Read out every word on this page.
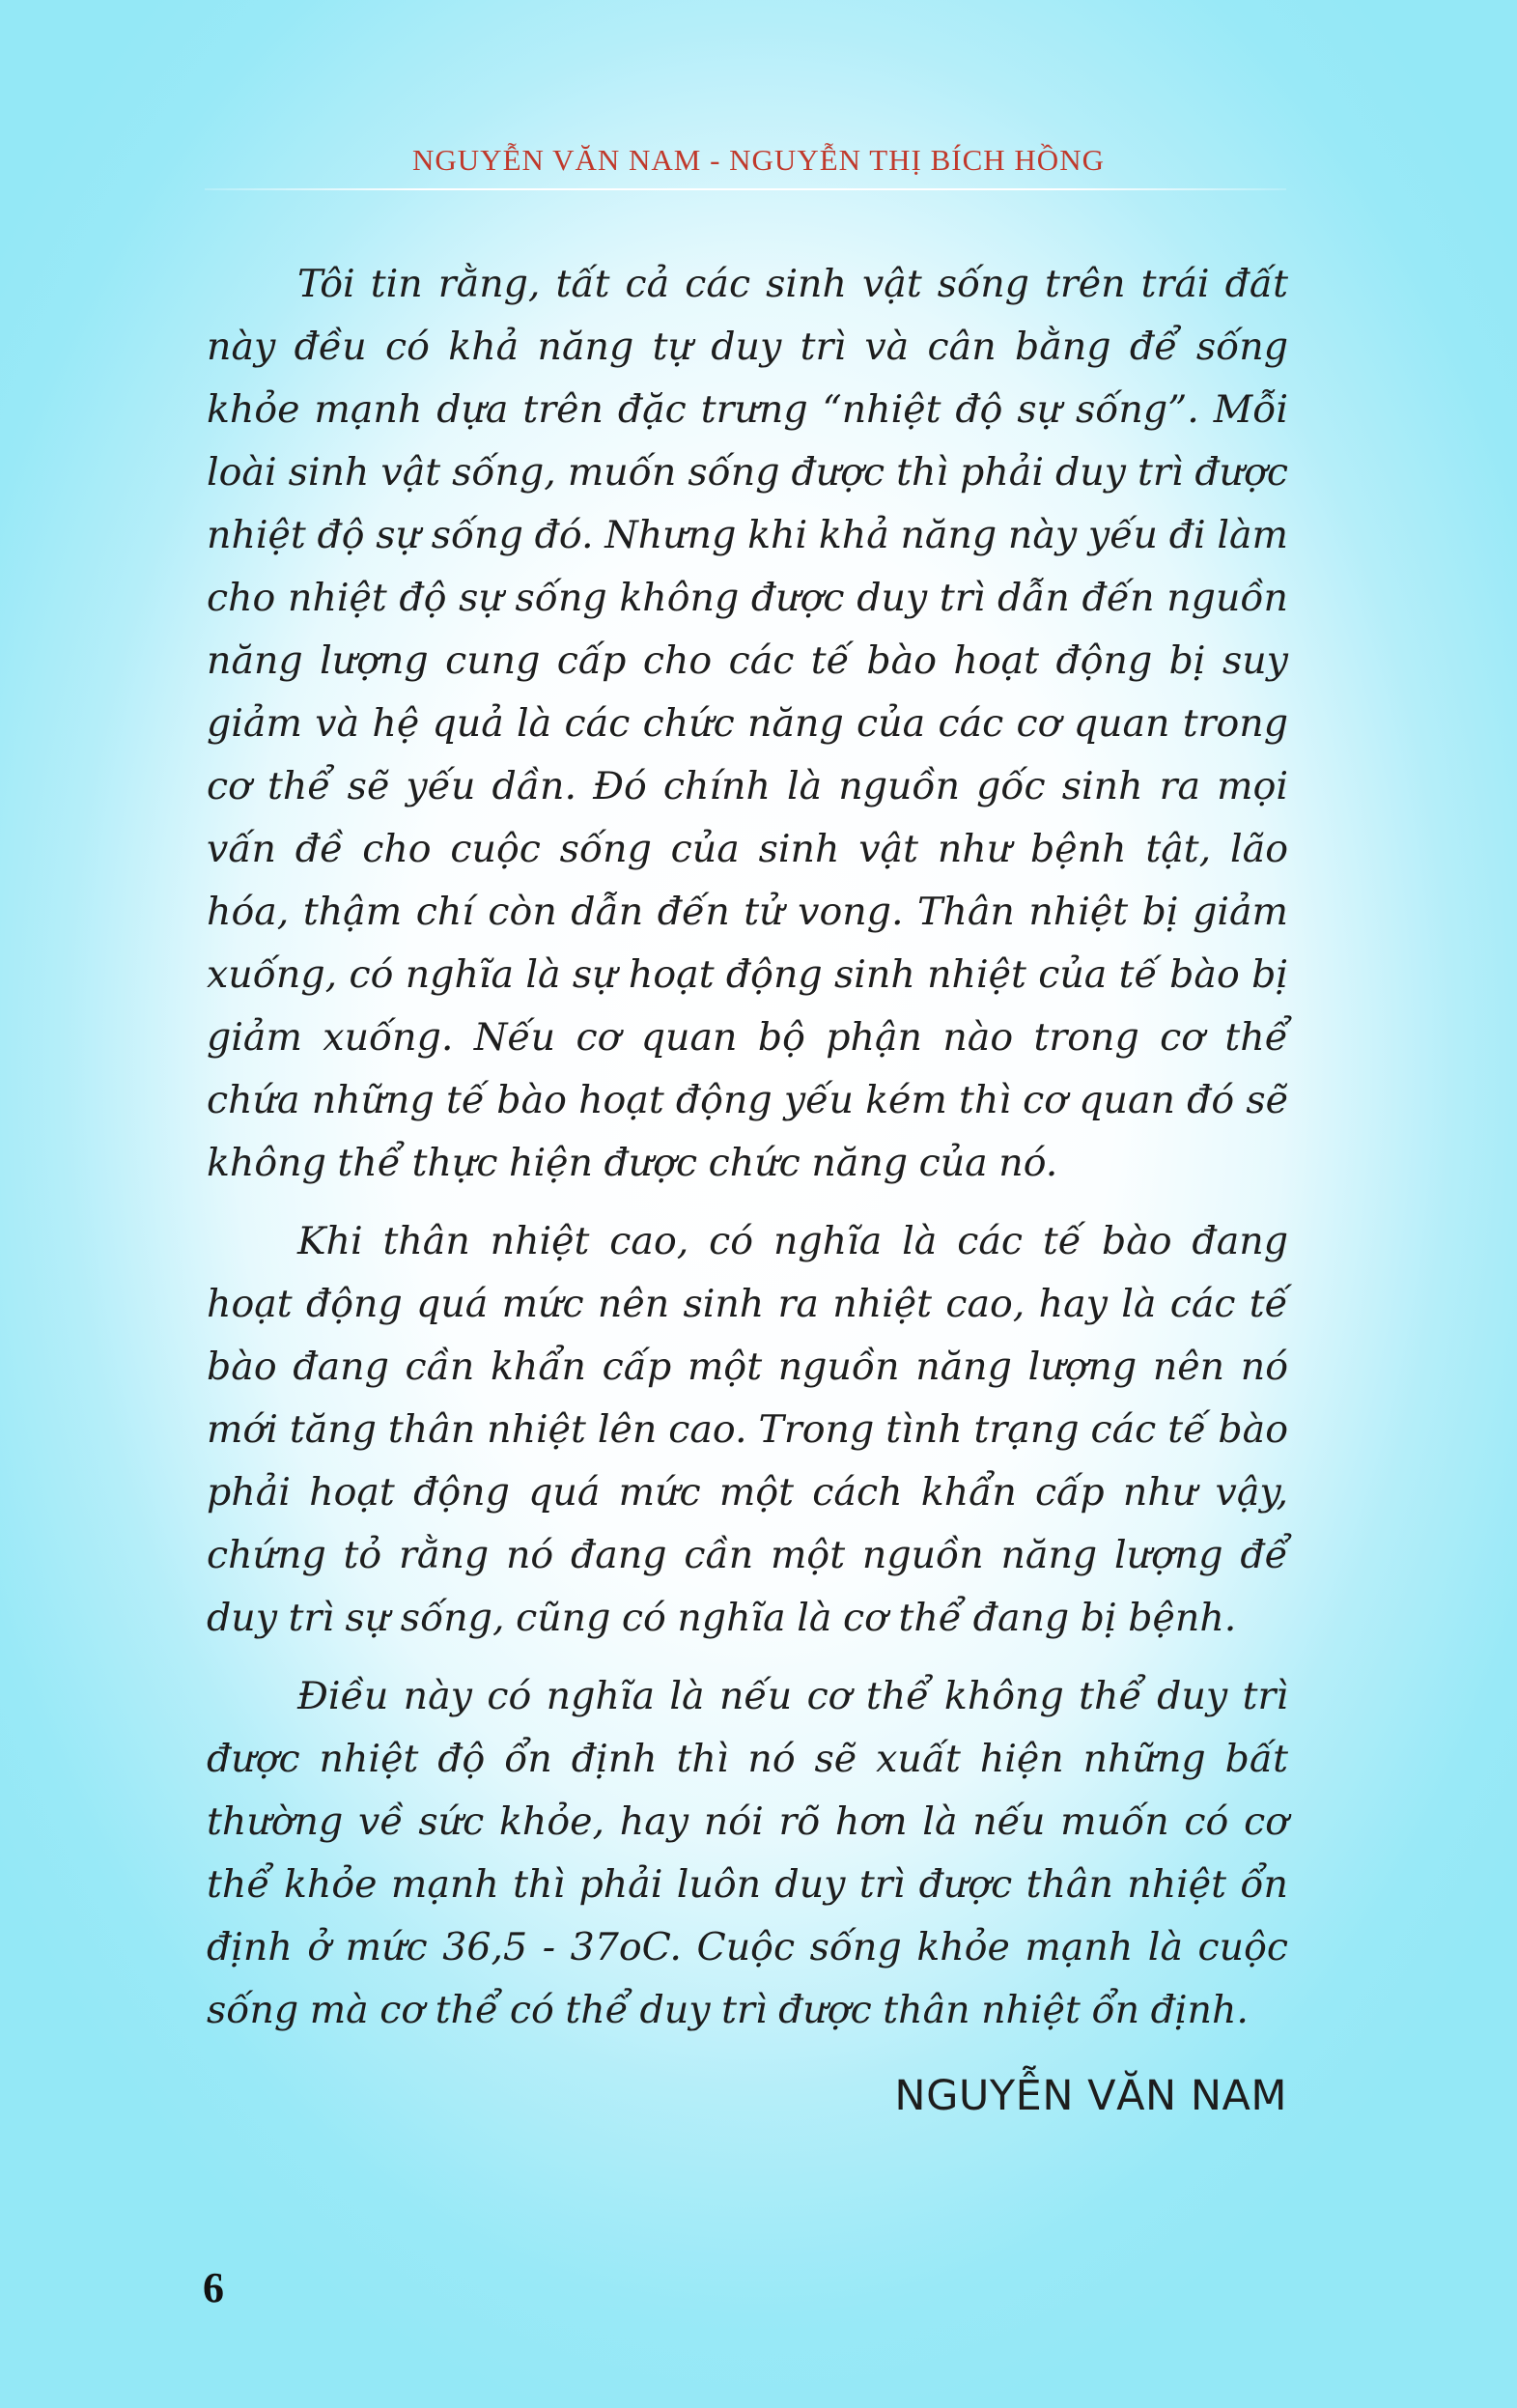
NGUYỄN VĂN NAM - NGUYỄN THỊ BÍCH HỒNG

Tôi tin rằng, tất cả các sinh vật sống trên trái đất này đều có khả năng tự duy trì và cân bằng để sống khỏe mạnh dựa trên đặc trưng “nhiệt độ sự sống”. Mỗi loài sinh vật sống, muốn sống được thì phải duy trì được nhiệt độ sự sống đó. Nhưng khi khả năng này yếu đi làm cho nhiệt độ sự sống không được duy trì dẫn đến nguồn năng lượng cung cấp cho các tế bào hoạt động bị suy giảm và hệ quả là các chức năng của các cơ quan trong cơ thể sẽ yếu dần. Đó chính là nguồn gốc sinh ra mọi vấn đề cho cuộc sống của sinh vật như bệnh tật, lão hóa, thậm chí còn dẫn đến tử vong. Thân nhiệt bị giảm xuống, có nghĩa là sự hoạt động sinh nhiệt của tế bào bị giảm xuống. Nếu cơ quan bộ phận nào trong cơ thể chứa những tế bào hoạt động yếu kém thì cơ quan đó sẽ không thể thực hiện được chức năng của nó.

Khi thân nhiệt cao, có nghĩa là các tế bào đang hoạt động quá mức nên sinh ra nhiệt cao, hay là các tế bào đang cần khẩn cấp một nguồn năng lượng nên nó mới tăng thân nhiệt lên cao. Trong tình trạng các tế bào phải hoạt động quá mức một cách khẩn cấp như vậy, chứng tỏ rằng nó đang cần một nguồn năng lượng để duy trì sự sống, cũng có nghĩa là cơ thể đang bị bệnh.

Điều này có nghĩa là nếu cơ thể không thể duy trì được nhiệt độ ổn định thì nó sẽ xuất hiện những bất thường về sức khỏe, hay nói rõ hơn là nếu muốn có cơ thể khỏe mạnh thì phải luôn duy trì được thân nhiệt ổn định ở mức 36,5 - 37oC. Cuộc sống khỏe mạnh là cuộc sống mà cơ thể có thể duy trì được thân nhiệt ổn định.

NGUYỄN VĂN NAM
6
